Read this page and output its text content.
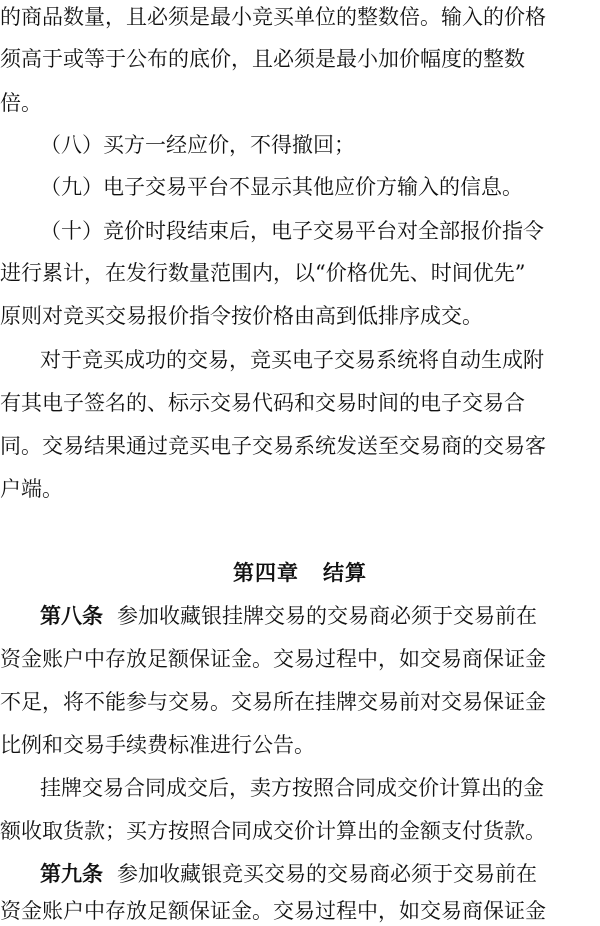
的商品数量，且必须是最小竞买单位的整数倍。输入的价格
须高于或等于公布的底价，且必须是最小加价幅度的整数
倍。
（八）买方一经应价，不得撤回；
（九）电子交易平台不显示其他应价方输入的信息。
（十）竞价时段结束后，电子交易平台对全部报价指令
进行累计，在发行数量范围内，以“价格优先、时间优先”
原则对竞买交易报价指令按价格由高到低排序成交。
对于竞买成功的交易，竞买电子交易系统将自动生成附
有其电子签名的、标示交易代码和交易时间的电子交易合
同。交易结果通过竞买电子交易系统发送至交易商的交易客
户端。
第四章 结算
第八条 参加收藏银挂牌交易的交易商必须于交易前在
资金账户中存放足额保证金。交易过程中，如交易商保证金
不足，将不能参与交易。交易所在挂牌交易前对交易保证金
比例和交易手续费标准进行公告。
挂牌交易合同成交后，卖方按照合同成交价计算出的金
额收取货款；买方按照合同成交价计算出的金额支付货款。
第九条 参加收藏银竞买交易的交易商必须于交易前在
资金账户中存放足额保证金。交易过程中，如交易商保证金
